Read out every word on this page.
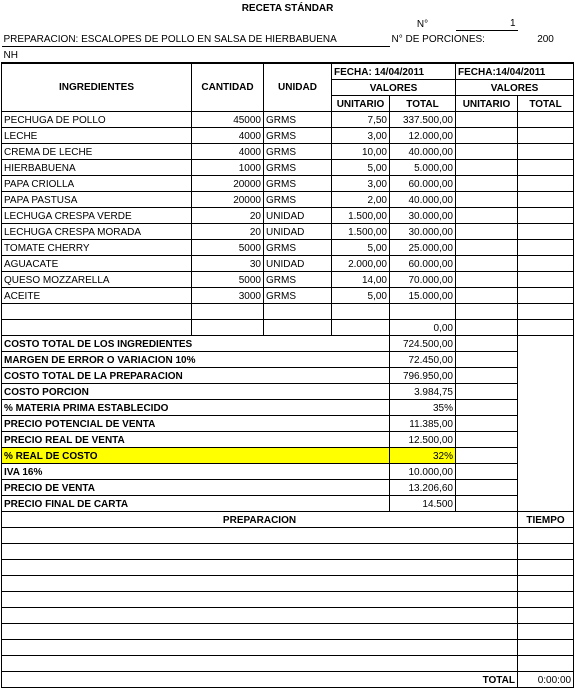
RECETA STÁNDAR						
				N°	1	
PREPARACION: ESCALOPES DE POLLO EN SALSA DE HIERBABUENA				N° DE PORCIONES:		200
NH						
INGREDIENTES	CANTIDAD	UNIDAD	FECHA: 14/04/2011		FECHA:14/04/2011	
			VALORES		VALORES	
			UNITARIO	TOTAL	UNITARIO	TOTAL
PECHUGA DE POLLO	45000	GRMS	7,50	337.500,00		
LECHE	4000	GRMS	3,00	12.000,00		
CREMA DE LECHE	4000	GRMS	10,00	40.000,00		
HIERBABUENA	1000	GRMS	5,00	5.000,00		
PAPA CRIOLLA	20000	GRMS	3,00	60.000,00		
PAPA PASTUSA	20000	GRMS	2,00	40.000,00		
LECHUGA CRESPA VERDE	20	UNIDAD	1.500,00	30.000,00		
LECHUGA CRESPA MORADA	20	UNIDAD	1.500,00	30.000,00		
TOMATE CHERRY	5000	GRMS	5,00	25.000,00		
AGUACATE	30	UNIDAD	2.000,00	60.000,00		
QUESO MOZZARELLA	5000	GRMS	14,00	70.000,00		
ACEITE	3000	GRMS	5,00	15.000,00		

				0,00		
COSTO TOTAL DE LOS INGREDIENTES				724.500,00		
MARGEN DE ERROR O VARIACION 10%				72.450,00		
COSTO TOTAL DE LA PREPARACION				796.950,00		
COSTO PORCION				3.984,75		
% MATERIA PRIMA ESTABLECIDO				35%		
PRECIO POTENCIAL DE VENTA				11.385,00		
PRECIO REAL DE VENTA				12.500,00		
% REAL DE COSTO				32%		
IVA 16%				10.000,00		
PRECIO DE VENTA				13.206,60		
PRECIO FINAL DE CARTA				14.500		
PREPARACION						TIEMPO

TOTAL						0:00:00
